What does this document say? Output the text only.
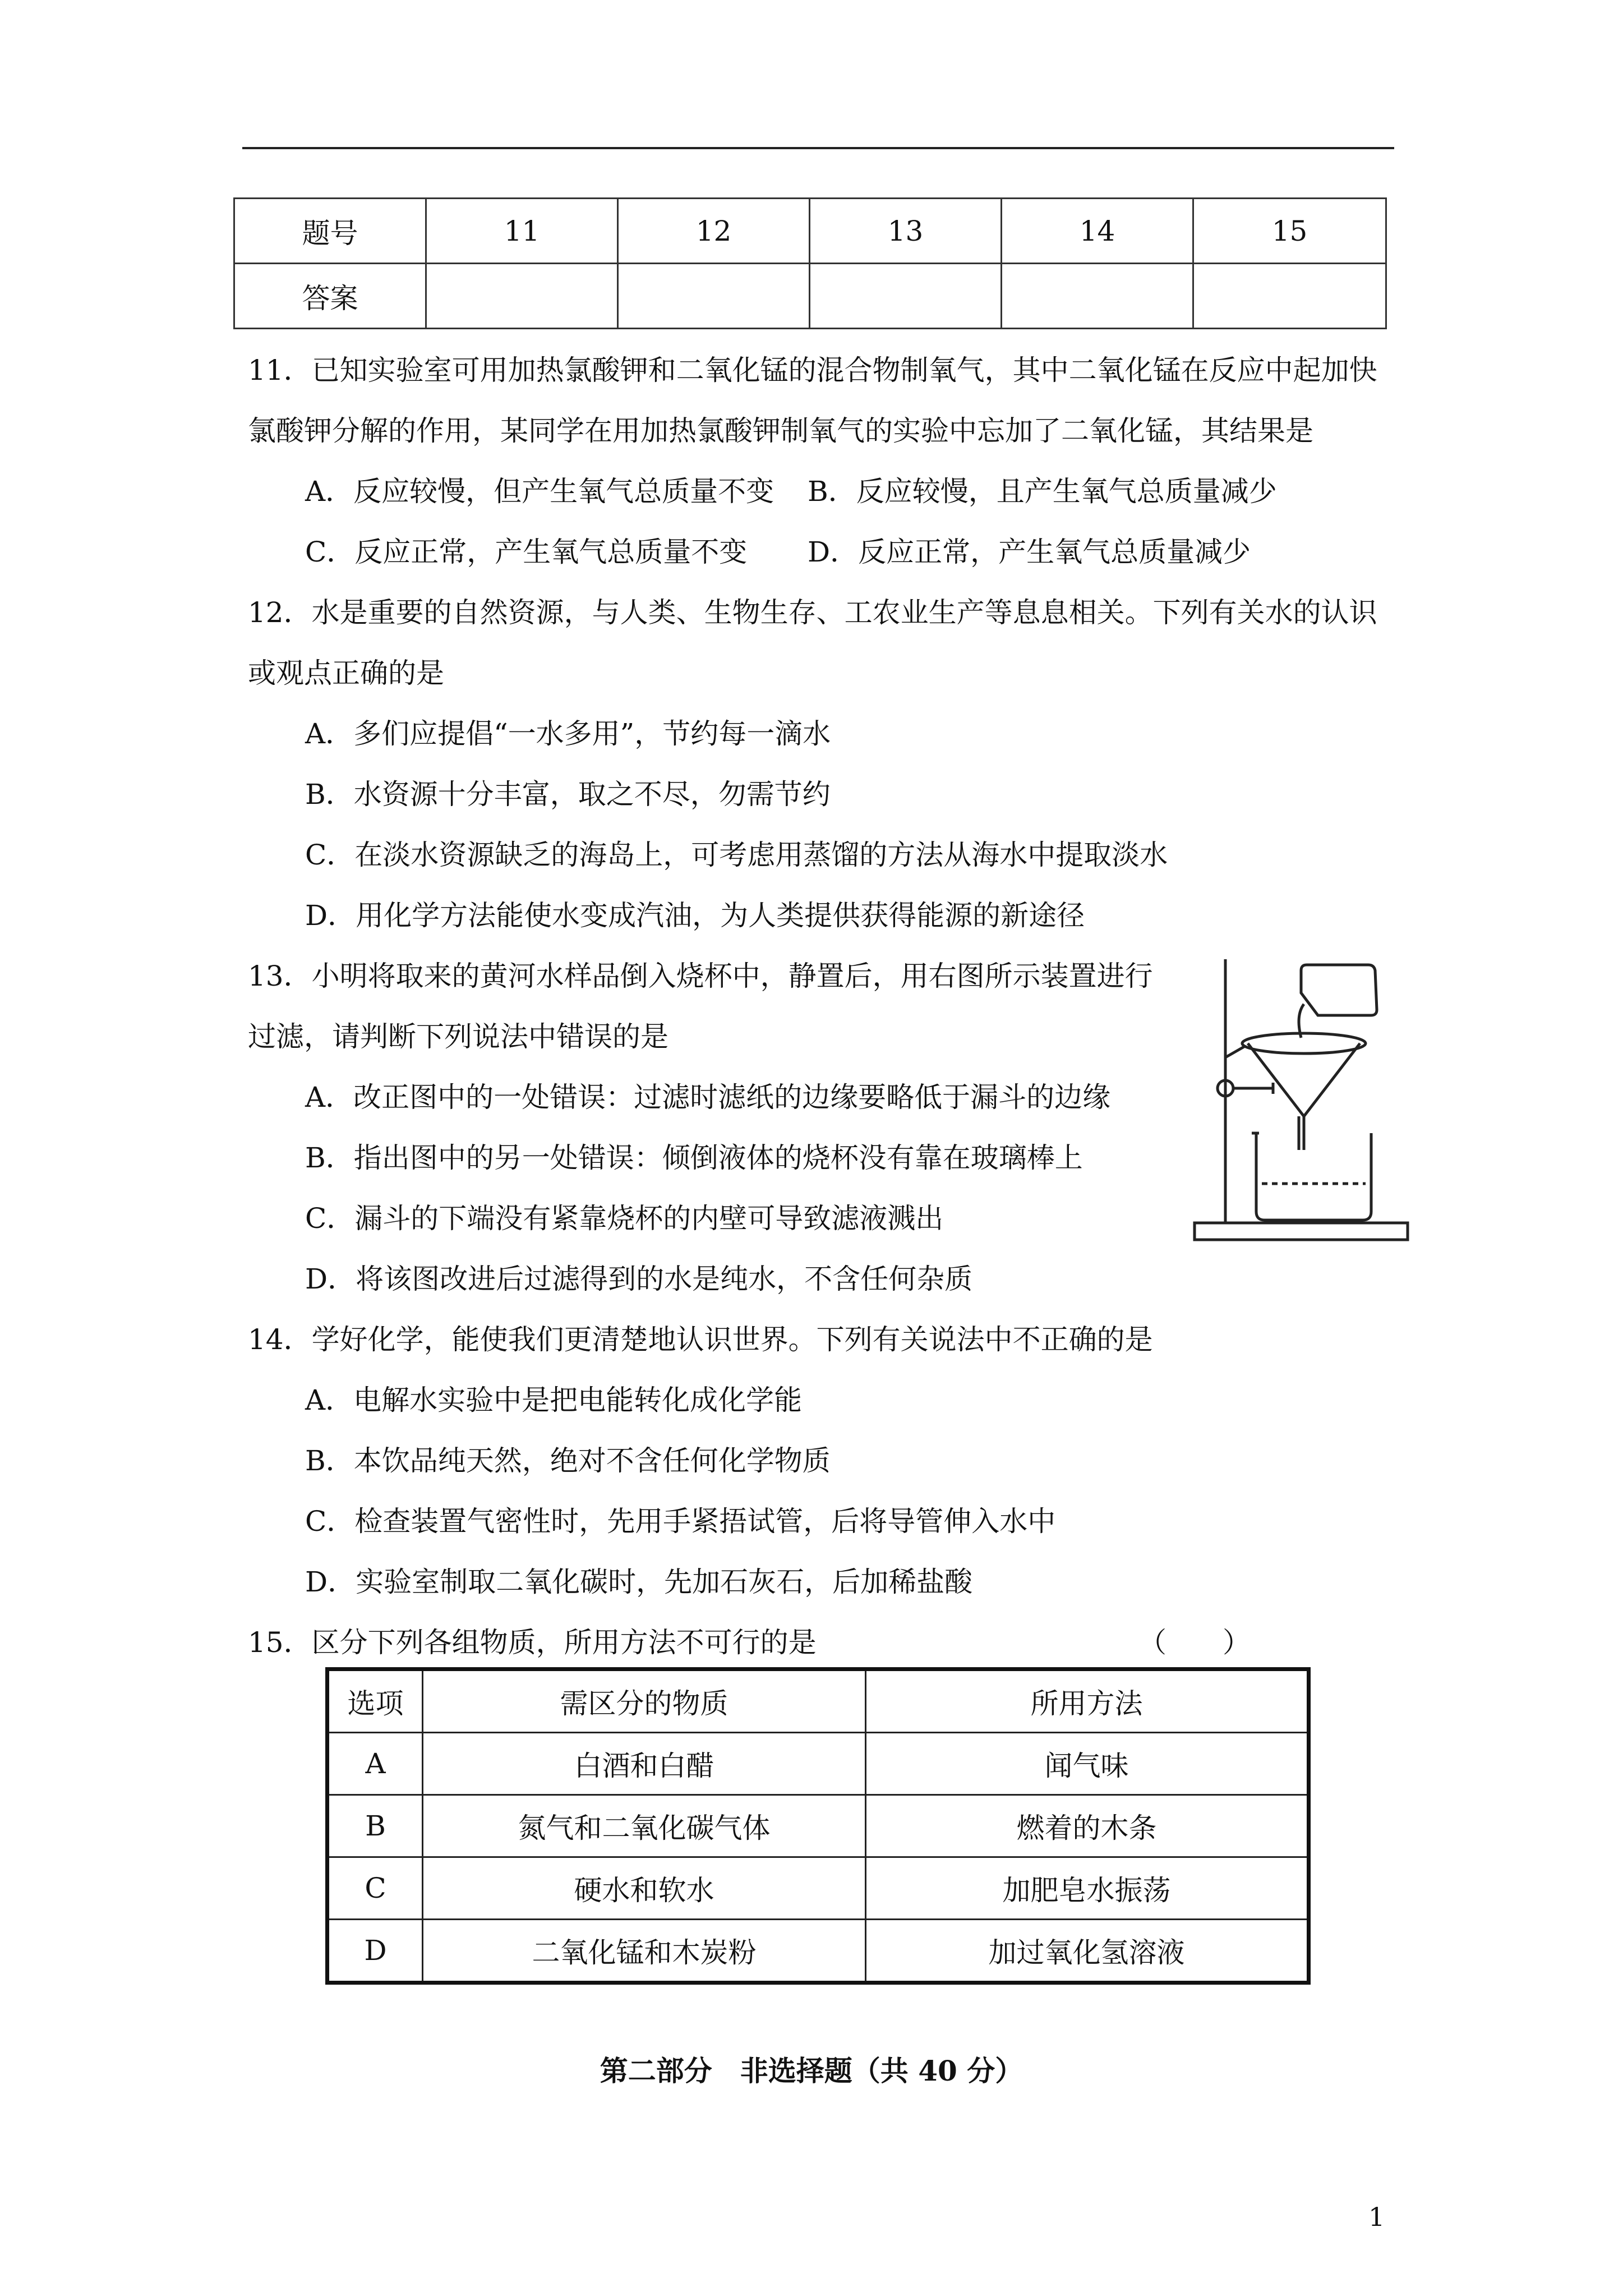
题号	11	12	13	14	15
答案					
11．已知实验室可用加热氯酸钾和二氧化锰的混合物制氧气，其中二氧化锰在反应中起加快
氯酸钾分解的作用，某同学在用加热氯酸钾制氧气的实验中忘加了二氧化锰，其结果是
A．反应较慢，但产生氧气总质量不变 B．反应较慢，且产生氧气总质量减少
C．反应正常，产生氧气总质量不变 D．反应正常，产生氧气总质量减少
12．水是重要的自然资源，与人类、生物生存、工农业生产等息息相关。下列有关水的认识
或观点正确的是
A．多们应提倡“一水多用”，节约每一滴水
B．水资源十分丰富，取之不尽，勿需节约
C．在淡水资源缺乏的海岛上，可考虑用蒸馏的方法从海水中提取淡水
D．用化学方法能使水变成汽油，为人类提供获得能源的新途径
13．小明将取来的黄河水样品倒入烧杯中，静置后，用右图所示装置进行
过滤，请判断下列说法中错误的是
A．改正图中的一处错误：过滤时滤纸的边缘要略低于漏斗的边缘
B．指出图中的另一处错误：倾倒液体的烧杯没有靠在玻璃棒上
C．漏斗的下端没有紧靠烧杯的内壁可导致滤液溅出
D．将该图改进后过滤得到的水是纯水，不含任何杂质
14．学好化学，能使我们更清楚地认识世界。下列有关说法中不正确的是
A．电解水实验中是把电能转化成化学能
B．本饮品纯天然，绝对不含任何化学物质
C．检查装置气密性时，先用手紧捂试管，后将导管伸入水中
D．实验室制取二氧化碳时，先加石灰石，后加稀盐酸
15．区分下列各组物质，所用方法不可行的是	（　　）
选项	需区分的物质	所用方法
A	白酒和白醋	闻气味
B	氮气和二氧化碳气体	燃着的木条
C	硬水和软水	加肥皂水振荡
D	二氧化锰和木炭粉	加过氧化氢溶液
第二部分　非选择题（共 40 分）
1
